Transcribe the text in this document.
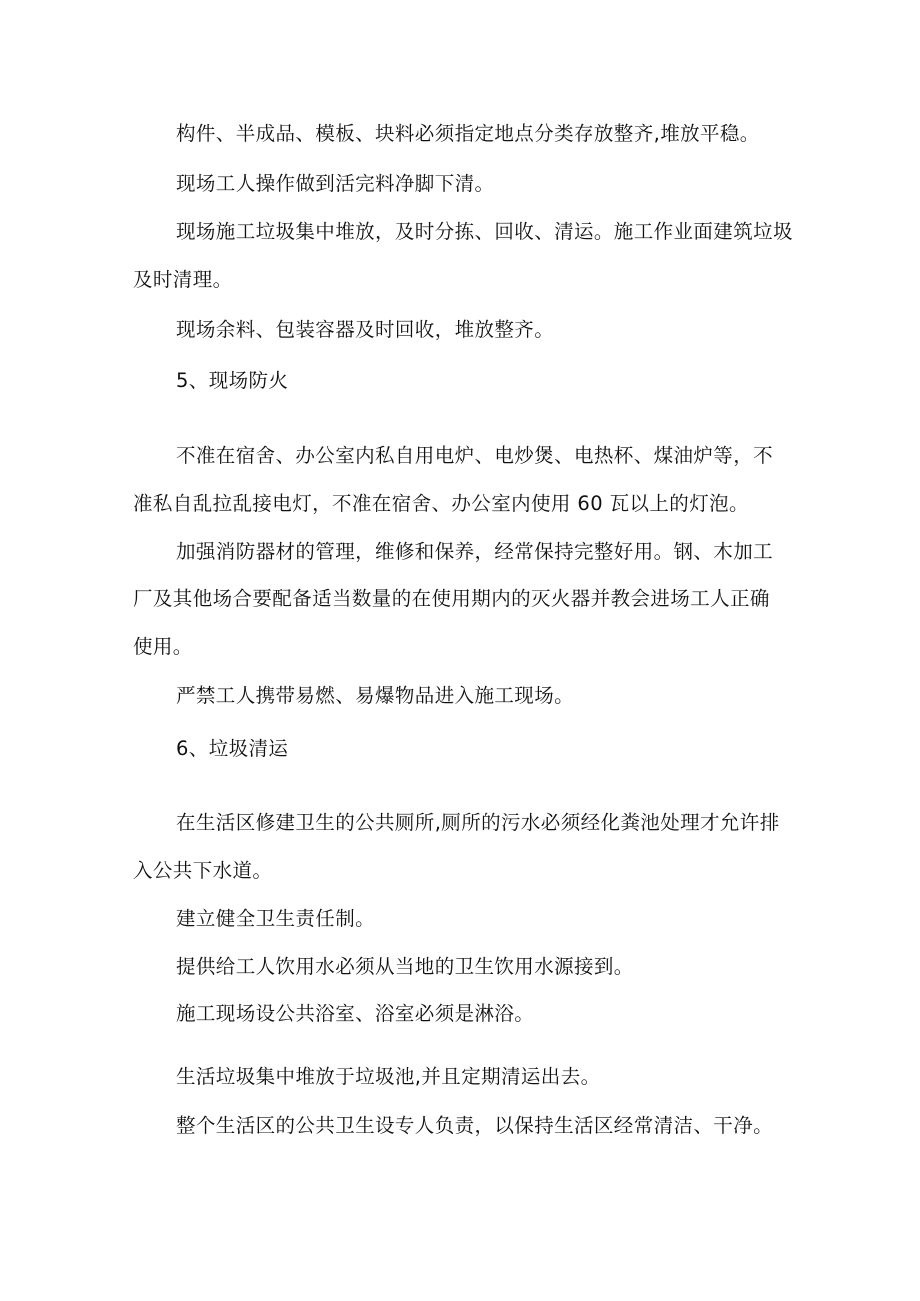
构件、半成品、模板、块料必须指定地点分类存放整齐,堆放平稳。

现场工人操作做到活完料净脚下清。

现场施工垃圾集中堆放，及时分拣、回收、清运。施工作业面建筑垃圾

及时清理。

现场余料、包装容器及时回收，堆放整齐。

5、现场防火

不准在宿舍、办公室内私自用电炉、电炒煲、电热杯、煤油炉等，不

准私自乱拉乱接电灯，不准在宿舍、办公室内使用 60 瓦以上的灯泡。

加强消防器材的管理，维修和保养，经常保持完整好用。钢、木加工

厂及其他场合要配备适当数量的在使用期内的灭火器并教会进场工人正确

使用。

严禁工人携带易燃、易爆物品进入施工现场。

6、垃圾清运

在生活区修建卫生的公共厕所,厕所的污水必须经化粪池处理才允许排

入公共下水道。

建立健全卫生责任制。

提供给工人饮用水必须从当地的卫生饮用水源接到。

施工现场设公共浴室、浴室必须是淋浴。

生活垃圾集中堆放于垃圾池,并且定期清运出去。

整个生活区的公共卫生设专人负责，以保持生活区经常清洁、干净。
